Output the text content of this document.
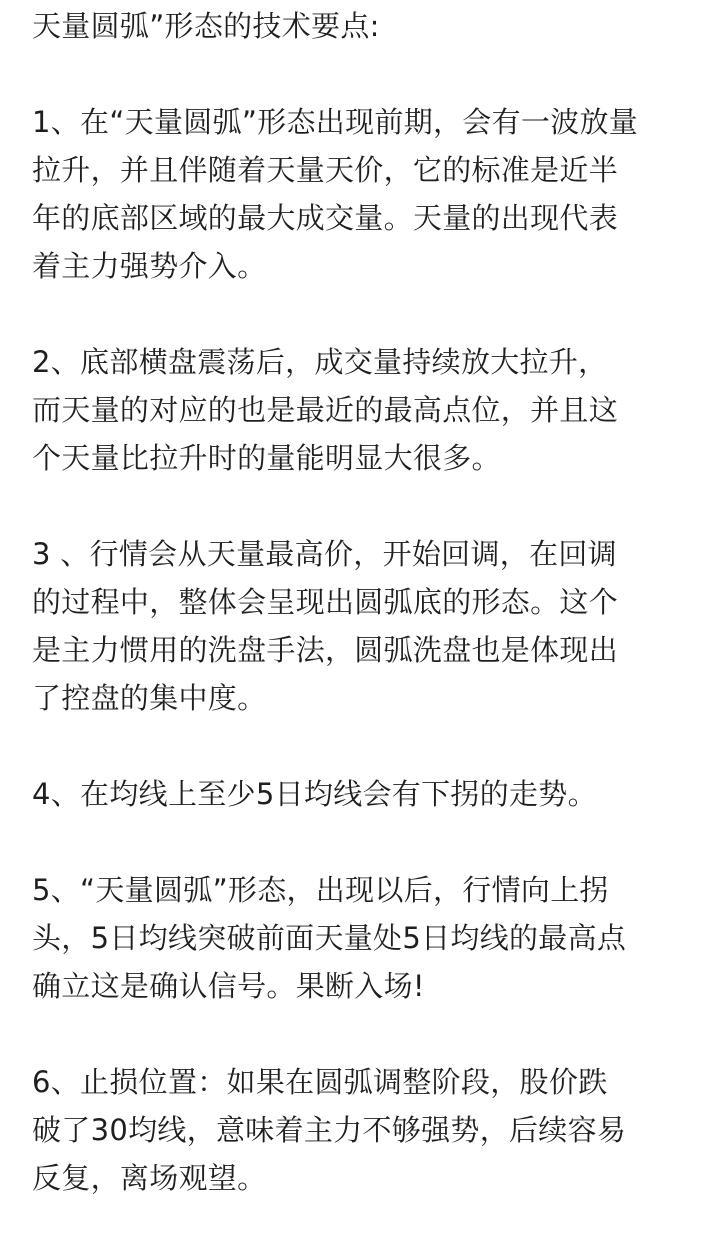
天量圆弧”形态的技术要点:
1、在“天量圆弧”形态出现前期，会有一波放量
拉升，并且伴随着天量天价，它的标准是近半
年的底部区域的最大成交量。天量的出现代表
着主力强势介入。
2、底部横盘震荡后，成交量持续放大拉升，
而天量的对应的也是最近的最高点位，并且这
个天量比拉升时的量能明显大很多。
3 、行情会从天量最高价，开始回调，在回调
的过程中，整体会呈现出圆弧底的形态。这个
是主力惯用的洗盘手法，圆弧洗盘也是体现出
了控盘的集中度。
4、在均线上至少5日均线会有下拐的走势。
5、“天量圆弧”形态，出现以后，行情向上拐
头，5日均线突破前面天量处5日均线的最高点
确立这是确认信号。果断入场!
6、止损位置：如果在圆弧调整阶段，股价跌
破了30均线，意味着主力不够强势，后续容易
反复，离场观望。
